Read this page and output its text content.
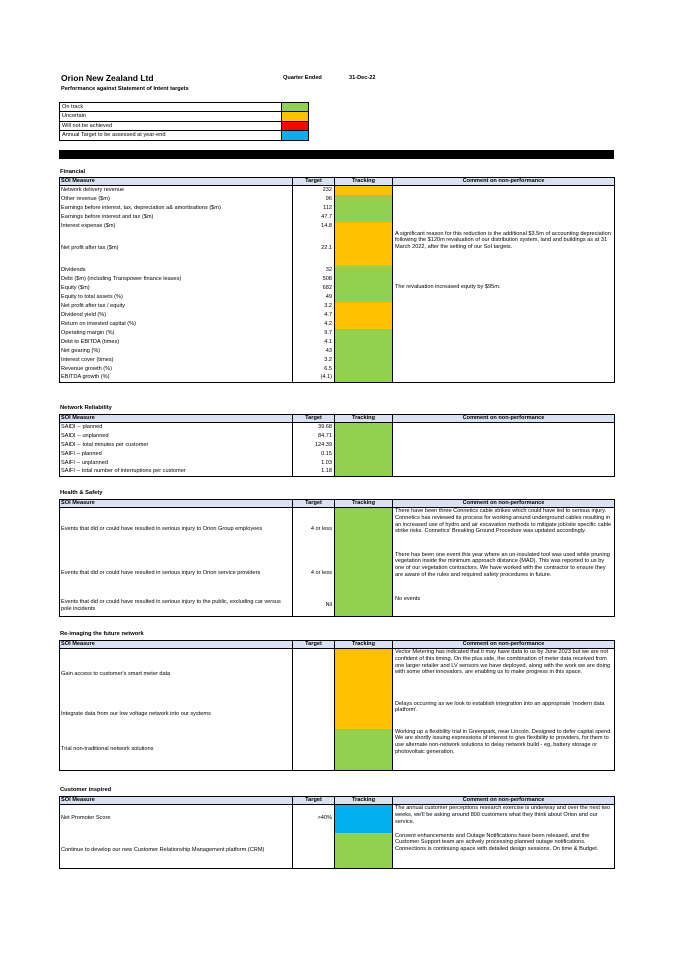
Orion New Zealand Ltd
Performance against Statement of Intent targets
Quarter Ended	31-Dec-22
On track
Uncertain
Will not be achieved
Annual Target to be assessed at year-end
Financial
SOI Measure	Target	Tracking	Comment on non-performance
Network delivery revenue	232		
Other revenue ($m)	96		
Earnings before interest, tax, depreciation a& amortisations ($m)	112		
Earnings before interest and tax ($m)	47.7		
Interest expense ($m)	14.8		
Net profit after tax ($m)	22.1		A significant reason for this reduction is the additional $3.5m of accounting depreciation following the $120m revaluation of our distribution system, land and buildings as at 31 March 2022, after the setting of our SoI targets.
Dividends	32		
Debt ($m) (including Transpower finance leases)	508		
Equity ($m)	682		The revaluation increased equity by $95m.
Equity to total assets (%)	49		
Net profit after tax / equity	3.2		
Dividend yield (%)	4.7		
Return on invested capital (%)	4.2		
Operating margin (%)	9.7		
Debt to EBITDA (times)	4.1		
Net gearing (%)	43		
Interest cover (times)	3.2		
Revenue growth (%)	6.5		
EBITDA growth (%)	(4.1)		
Network Reliability
SOI Measure	Target	Tracking	Comment on non-performance
SAIDI -- planned	39.68		
SAIDI -- unplanned	84.71		
SAIDI -- total minutes per customer	124.39		
SAIFI -- planned	0.15		
SAIFI -- unplanned	1.03		
SAIFI -- total number of interruptions per customer	1.18		
Health & Safety
SOI Measure	Target	Tracking	Comment on non-performance
Events that did or could have resulted in serious injury to Orion Group employees	4 or less		There have been three Connetics cable strikes which could have led to serious injury. Connetics has reviewed its process for working around underground cables resulting in an increased use of hydro and air excavation methods to mitigate job/site specific cable strike risks. Connetics' Breaking Ground Procedure was updated accordingly.
Events that did or could have resulted in serious injury to Orion service providers	4 or less		There has been one event this year where an un-insulated tool was used while pruning vegetation inside the minimum approach distance (MAD). This was reported to us by one of our vegetation contractors. We have worked with the contractor to ensure they are aware of the rules and required safety procedures in future.
Events that did or could have resulted in serious injury to the public, excluding car versus pole incidents	Nil		No events
Re-imaging the future network
SOI Measure	Target	Tracking	Comment on non-performance
Gain access to customer's smart meter data			Vector Metering has indicated that it may have data to us by June 2023 but we are not confident of this timing. On the plus side, the combination of meter data received from one larger retailer and LV sensors we have deployed, along with the work we are doing with some other innovators, are enabling us to make progress in this space.
Integrate data from our low voltage network into our systems			Delays occurring as we look to establish integration into an appropriate 'modern data platform'.
Trial non-traditional network solutions			Working up a flexibility trial in Greenpark, near Lincoln. Designed to defer capital spend. We are shortly issuing expressions of interest to give flexibility to providers, for them to use alternate non-network solutions to delay network build - eg, battery storage or photovoltaic generation.
Customer inspired
SOI Measure	Target	Tracking	Comment on non-performance
Net Promoter Score	>40%		The annual customer perceptions research exercise is underway and over the next two weeks, we'll be asking around 800 customers what they think about Orion and our service.
Continue to develop our new Customer Relationship Management platform (CRM)			Consent enhancements and Outage Notifications have been released, and the Customer Support team are actively processing planned outage notifications. Connections is continuing apace with detailed design sessions. On time & Budget.
